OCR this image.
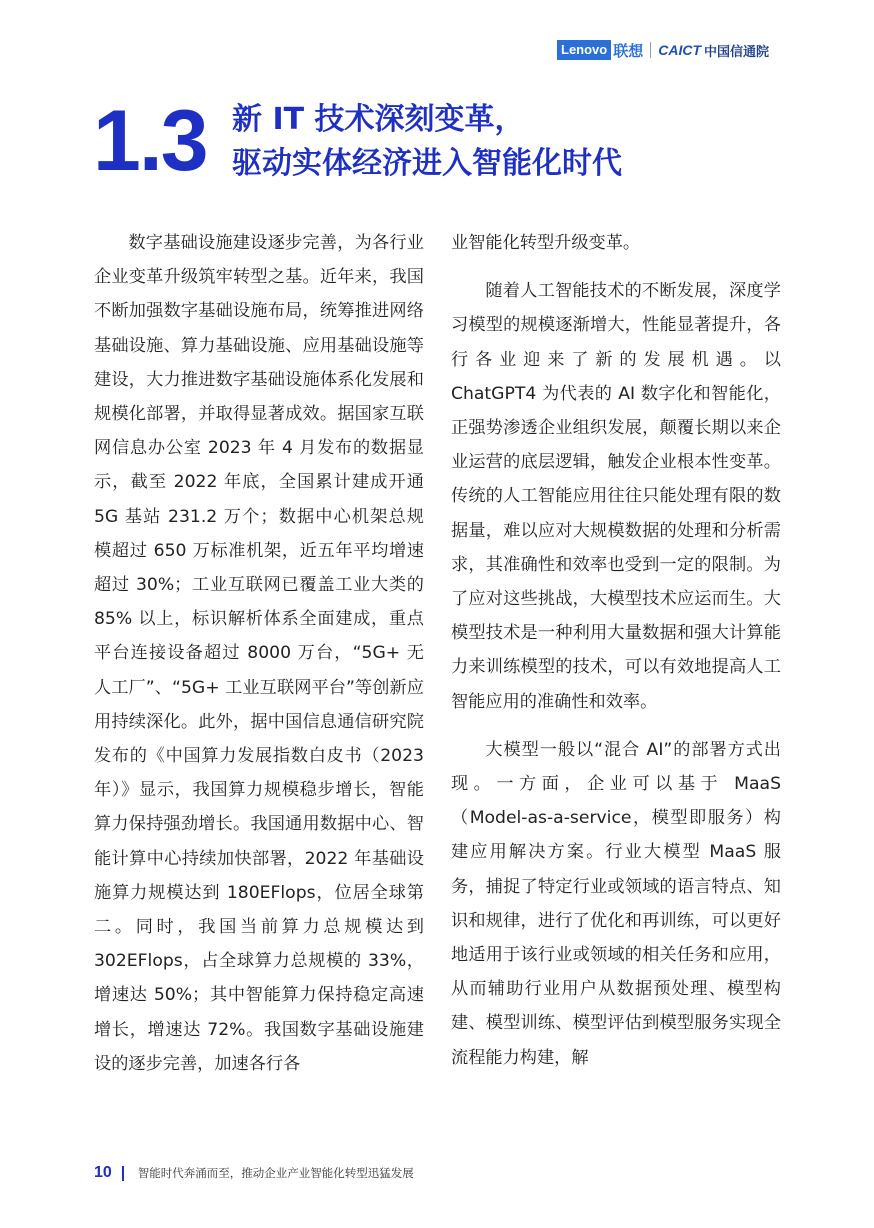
Lenovo 联想 CAICT 中国信通院
1.3 新 IT 技术深刻变革，
驱动实体经济进入智能化时代

数字基础设施建设逐步完善，为各行业企业变革升级筑牢转型之基。近年来，我国不断加强数字基础设施布局，统筹推进网络基础设施、算力基础设施、应用基础设施等建设，大力推进数字基础设施体系化发展和规模化部署，并取得显著成效。据国家互联网信息办公室 2023 年 4 月发布的数据显示，截至 2022 年底，全国累计建成开通 5G 基站 231.2 万个；数据中心机架总规模超过 650 万标准机架，近五年平均增速超过 30%；工业互联网已覆盖工业大类的 85% 以上，标识解析体系全面建成，重点平台连接设备超过 8000 万台，“5G+ 无人工厂”、“5G+ 工业互联网平台”等创新应用持续深化。此外，据中国信息通信研究院发布的《中国算力发展指数白皮书（2023 年）》显示，我国算力规模稳步增长，智能算力保持强劲增长。我国通用数据中心、智能计算中心持续加快部署，2022 年基础设施算力规模达到 180EFlops，位居全球第二。同时，我国当前算力总规模达到 302EFlops，占全球算力总规模的 33%，增速达 50%；其中智能算力保持稳定高速增长，增速达 72%。我国数字基础设施建设的逐步完善，加速各行各

业智能化转型升级变革。

随着人工智能技术的不断发展，深度学习模型的规模逐渐增大，性能显著提升，各行各业迎来了新的发展机遇。以 ChatGPT4 为代表的 AI 数字化和智能化，正强势渗透企业组织发展，颠覆长期以来企业运营的底层逻辑，触发企业根本性变革。传统的人工智能应用往往只能处理有限的数据量，难以应对大规模数据的处理和分析需求，其准确性和效率也受到一定的限制。为了应对这些挑战，大模型技术应运而生。大模型技术是一种利用大量数据和强大计算能力来训练模型的技术，可以有效地提高人工智能应用的准确性和效率。

大模型一般以“混合 AI”的部署方式出现。一方面，企业可以基于 MaaS（Model-as-a-service，模型即服务）构建应用解决方案。行业大模型 MaaS 服务，捕捉了特定行业或领域的语言特点、知识和规律，进行了优化和再训练，可以更好地适用于该行业或领域的相关任务和应用，从而辅助行业用户从数据预处理、模型构建、模型训练、模型评估到模型服务实现全流程能力构建，解

10 智能时代奔涌而至，推动企业产业智能化转型迅猛发展
